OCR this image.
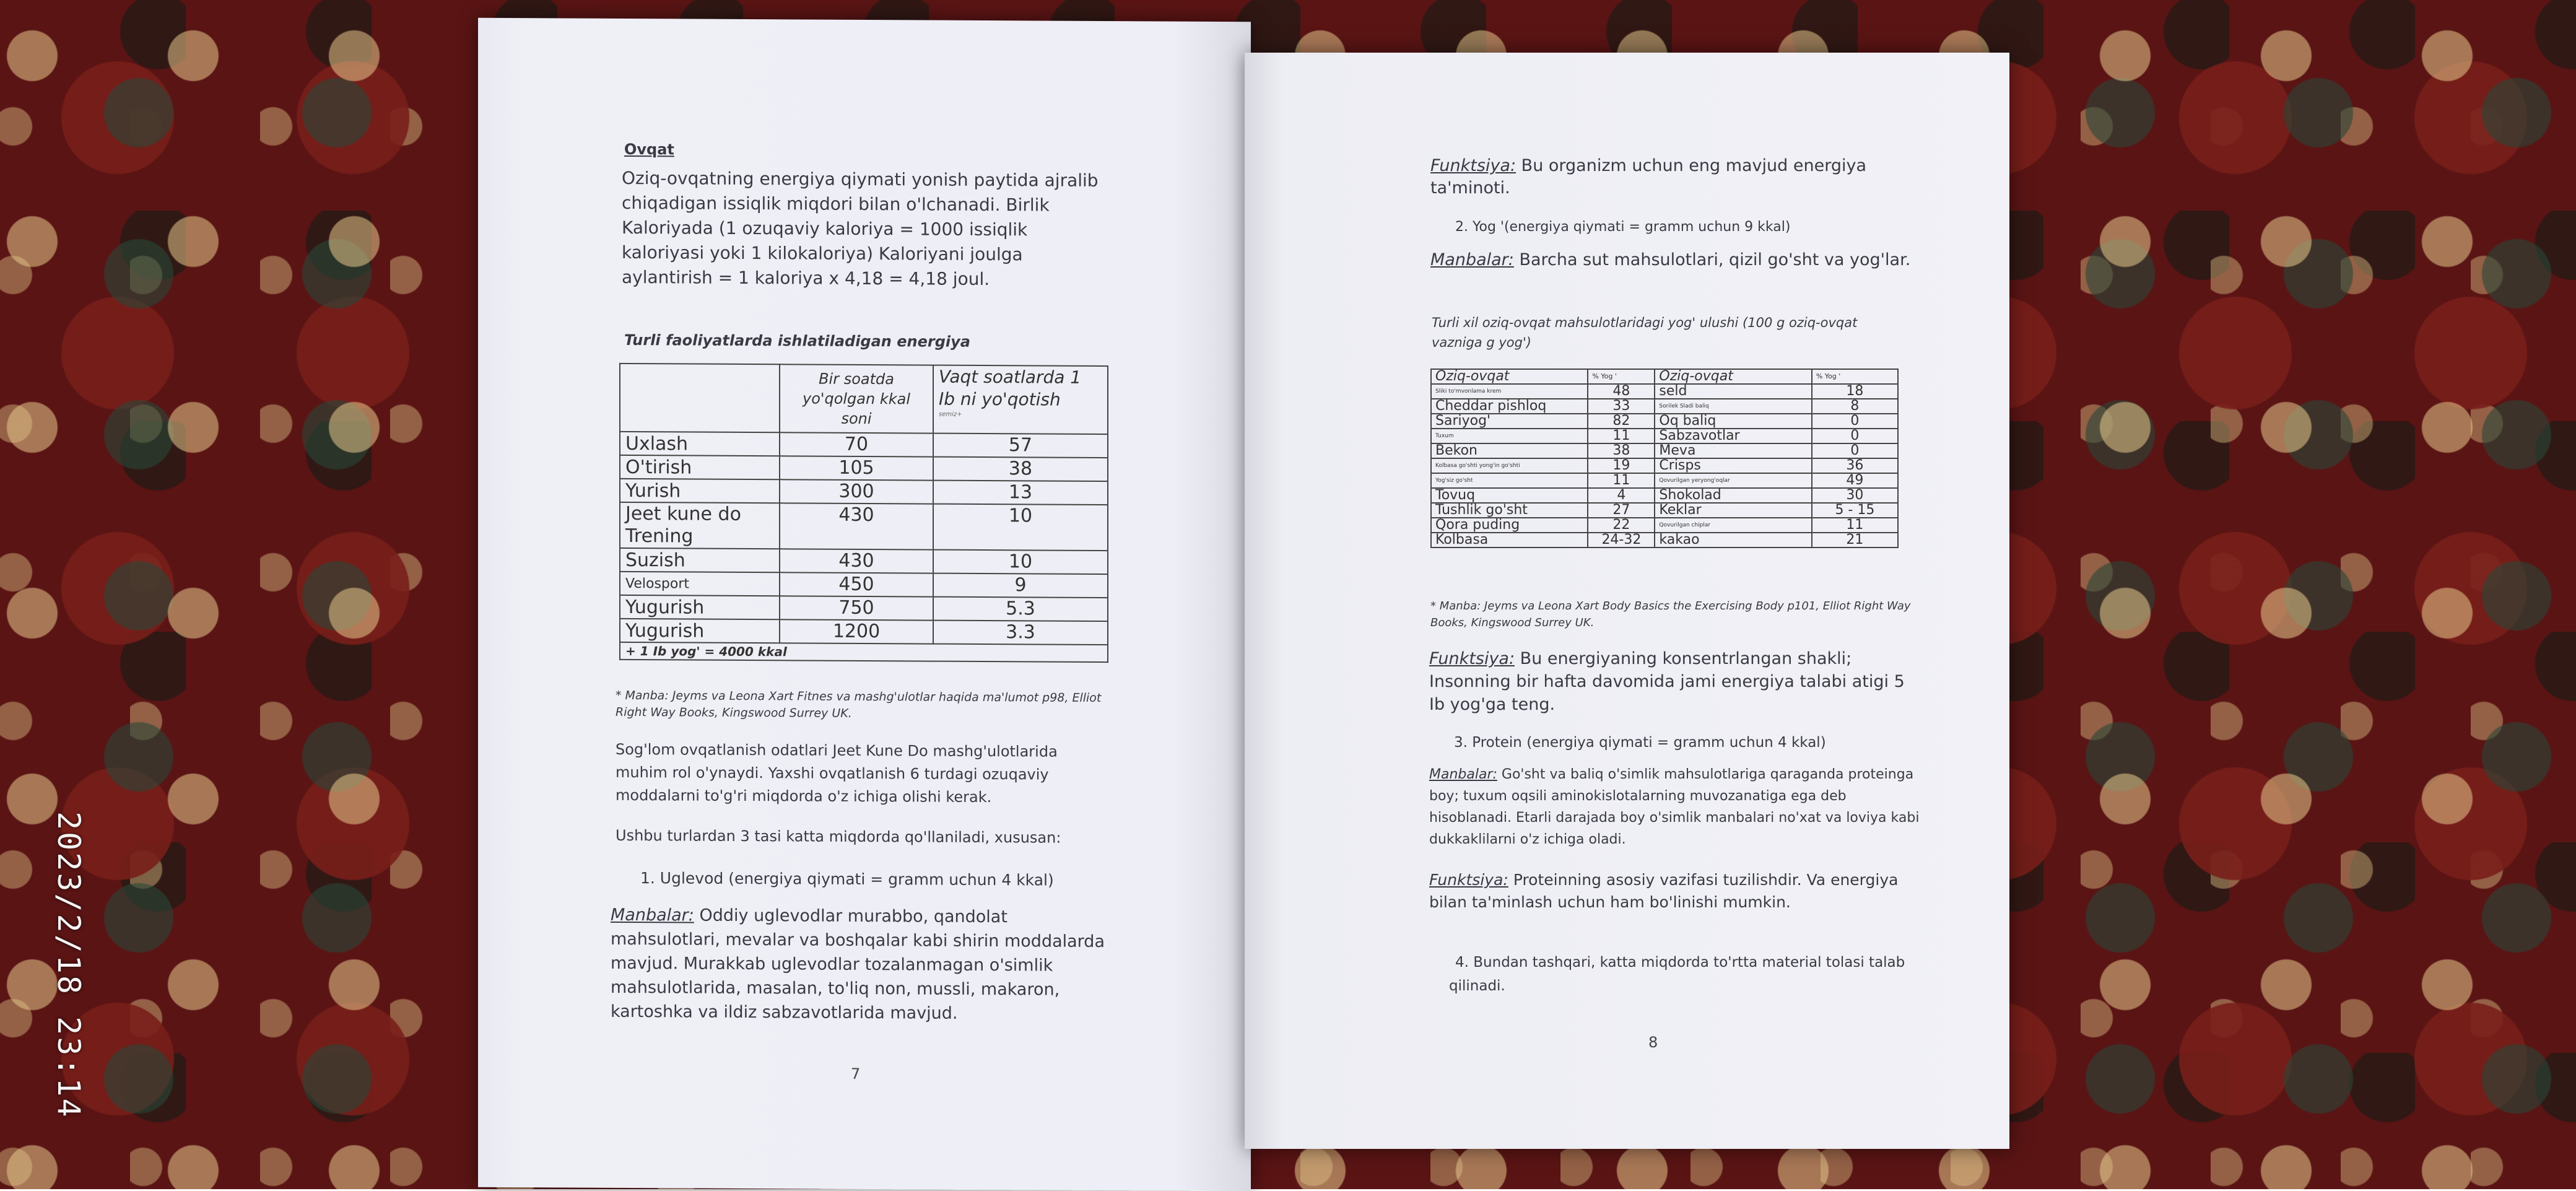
Ovqat
Oziq-ovqatning energiya qiymati yonish paytida ajralib chiqadigan issiqlik miqdori bilan o'lchanadi. Birlik Kaloriyada (1 ozuqaviy kaloriya = 1000 issiqlik kaloriyasi yoki 1 kilokaloriya) Kaloriyani joulga aylantirish = 1 kaloriya x 4,18 = 4,18 joul.
Turli faoliyatlarda ishlatiladigan energiya
	Bir soatda yo'qolgan kkal soni	Vaqt soatlarda 1 Ib ni yo'qotish
semiz+

Uxlash	70	57
O'tirish	105	38
Yurish	300	13
Jeet kune do Trening	430	10
Suzish	430	10
Velosport	450	9
Yugurish	750	5.3
Yugurish	1200	3.3
+ 1 Ib yog' = 4000 kkal		
* Manba: Jeyms va Leona Xart Fitnes va mashg'ulotlar haqida ma'lumot p98, Elliot Right Way Books, Kingswood Surrey UK.
Sog'lom ovqatlanish odatlari Jeet Kune Do mashg'ulotlarida muhim rol o'ynaydi. Yaxshi ovqatlanish 6 turdagi ozuqaviy moddalarni to'g'ri miqdorda o'z ichiga olishi kerak.
Ushbu turlardan 3 tasi katta miqdorda qo'llaniladi, xususan:
1. Uglevod (energiya qiymati = gramm uchun 4 kkal)
Manbalar: Oddiy uglevodlar murabbo, qandolat mahsulotlari, mevalar va boshqalar kabi shirin moddalarda mavjud. Murakkab uglevodlar tozalanmagan o'simlik mahsulotlarida, masalan, to'liq non, mussli, makaron, kartoshka va ildiz sabzavotlarida mavjud.
7
Funktsiya: Bu organizm uchun eng mavjud energiya ta'minoti.
2. Yog '(energiya qiymati = gramm uchun 9 kkal)
Manbalar: Barcha sut mahsulotlari, qizil go'sht va yog'lar.
Turli xil oziq-ovqat mahsulotlaridagi yog' ulushi (100 g oziq-ovqat vazniga g yog')
Oziq-ovqat	% Yog '	Oziq-ovqat	% Yog '
Sliki to'mvonlama krem	48	seld	18
Cheddar pishloq	33	Sorilek Sladi baliq	8
Sariyog'	82	Oq baliq	0
Tuxum	11	Sabzavotlar	0
Bekon	38	Meva	0
Kolbasa go'shti yong'in go'shti	19	Crisps	36
Yog'siz go'sht	11	Qovurilgan yeryong'oqlar	49
Tovuq	4	Shokolad	30
Tushlik go'sht	27	Keklar	5 - 15
Qora puding	22	Qovurilgan chiplar	11
Kolbasa	24-32	kakao	21
* Manba: Jeyms va Leona Xart Body Basics the Exercising Body p101, Elliot Right Way Books, Kingswood Surrey UK.
Funktsiya: Bu energiyaning konsentrlangan shakli; Insonning bir hafta davomida jami energiya talabi atigi 5 Ib yog'ga teng.
3. Protein (energiya qiymati = gramm uchun 4 kkal)
Manbalar: Go'sht va baliq o'simlik mahsulotlariga qaraganda proteinga boy; tuxum oqsili aminokislotalarning muvozanatiga ega deb hisoblanadi. Etarli darajada boy o'simlik manbalari no'xat va loviya kabi dukkaklilarni o'z ichiga oladi.
Funktsiya: Proteinning asosiy vazifasi tuzilishdir. Va energiya bilan ta'minlash uchun ham bo'linishi mumkin.
4. Bundan tashqari, katta miqdorda to'rtta material tolasi talab qilinadi.
8
2023/2/18 23:14
